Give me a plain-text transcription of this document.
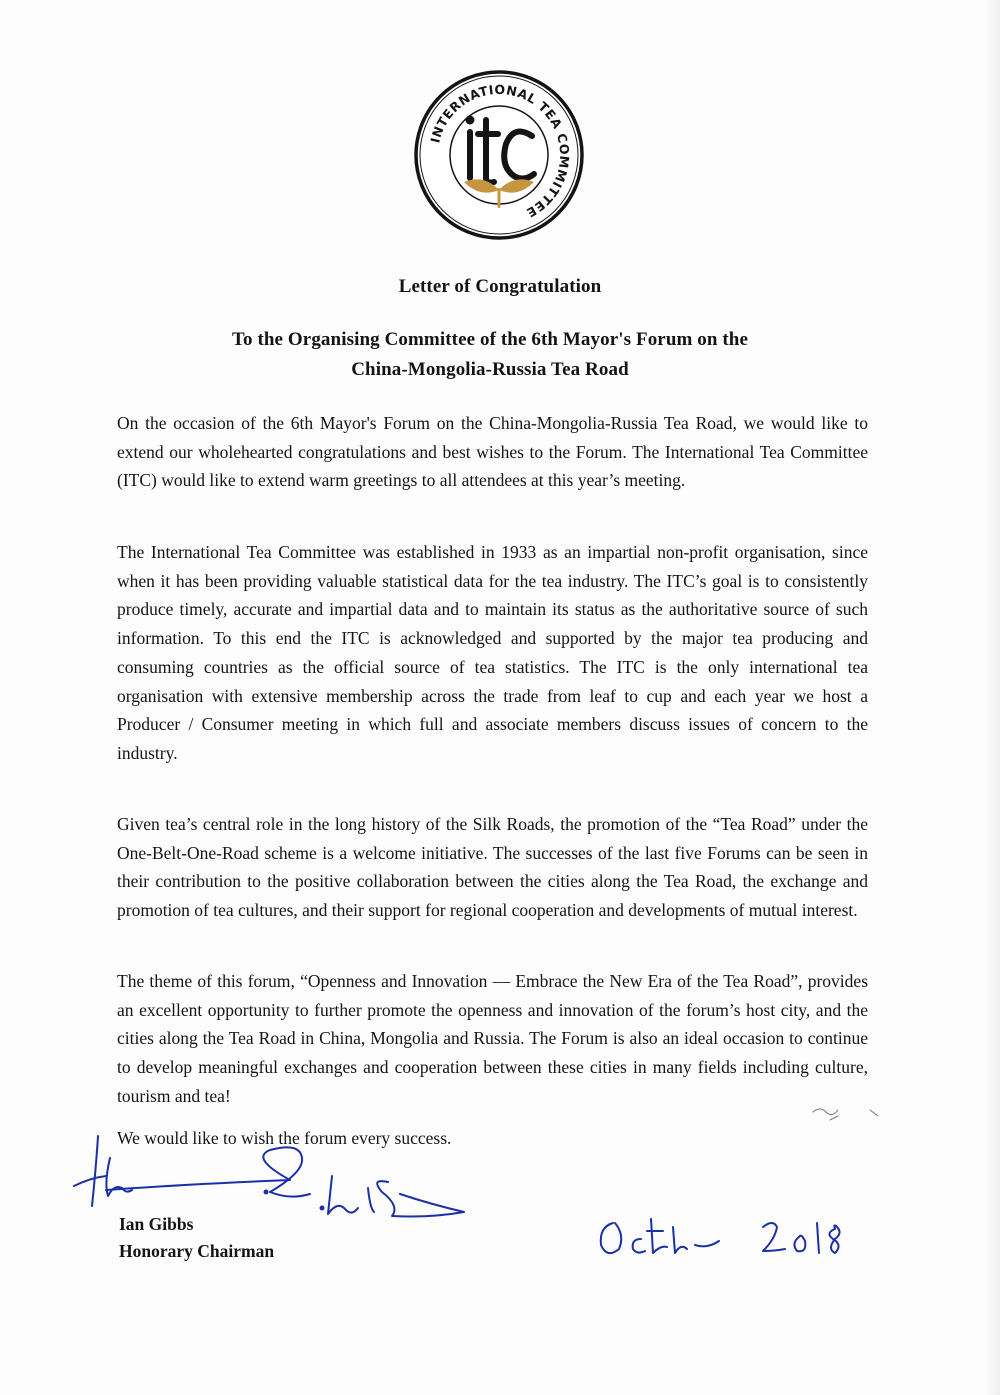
INTERNATIONAL TEA COMMITTEE
Letter of Congratulation
To the Organising Committee of the 6th Mayor's Forum on the
China-Mongolia-Russia Tea Road
On the occasion of the 6th Mayor's Forum on the China-Mongolia-Russia Tea Road, we would like to extend our wholehearted congratulations and best wishes to the Forum. The International Tea Committee (ITC) would like to extend warm greetings to all attendees at this year’s meeting.
The International Tea Committee was established in 1933 as an impartial non-profit organisation, since when it has been providing valuable statistical data for the tea industry. The ITC’s goal is to consistently produce timely, accurate and impartial data and to maintain its status as the authoritative source of such information. To this end the ITC is acknowledged and supported by the major tea producing and consuming countries as the official source of tea statistics. The ITC is the only international tea organisation with extensive membership across the trade from leaf to cup and each year we host a Producer / Consumer meeting in which full and associate members discuss issues of concern to the industry.
Given tea’s central role in the long history of the Silk Roads, the promotion of the “Tea Road” under the One-Belt-One-Road scheme is a welcome initiative. The successes of the last five Forums can be seen in their contribution to the positive collaboration between the cities along the Tea Road, the exchange and promotion of tea cultures, and their support for regional cooperation and developments of mutual interest.
The theme of this forum, “Openness and Innovation — Embrace the New Era of the Tea Road”, provides an excellent opportunity to further promote the openness and innovation of the forum’s host city, and the cities along the Tea Road in China, Mongolia and Russia. The Forum is also an ideal occasion to continue to develop meaningful exchanges and cooperation between these cities in many fields including culture, tourism and tea!
We would like to wish the forum every success.
Ian Gibbs
Honorary Chairman
